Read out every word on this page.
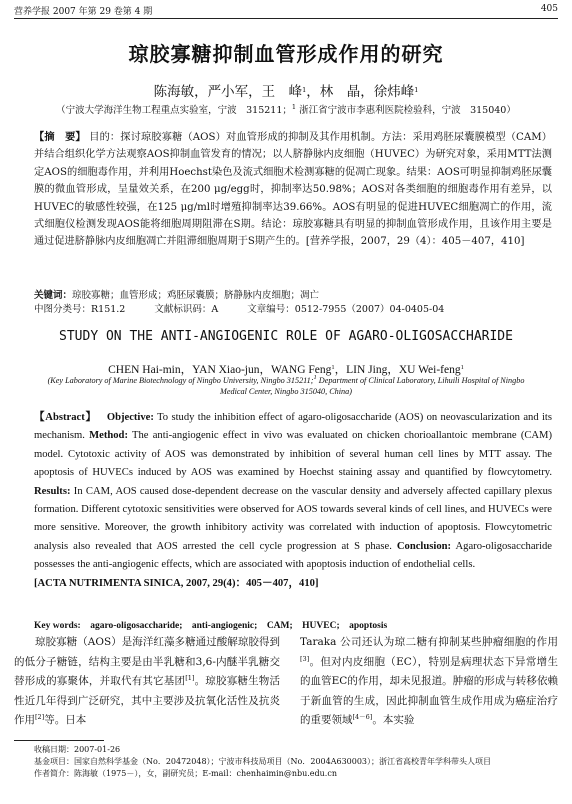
营养学报 2007 年第 29 卷第 4 期	405
琼胶寡糖抑制血管形成作用的研究
陈海敏，严小军，王　峰$^1$，林　晶，徐炜峰$^1$
（宁波大学海洋生物工程重点实验室，宁波　315211；$^1$ 浙江省宁波市李惠利医院检验科，宁波　315040）
【摘　要】 目的：探讨琼胶寡糖（AOS）对血管形成的抑制及其作用机制。方法：采用鸡胚尿囊膜模型（CAM）并结合组织化学方法观察AOS抑制血管发育的情况；以人脐静脉内皮细胞（HUVEC）为研究对象，采用MTT法测定AOS的细胞毒作用，并利用Hoechst染色及流式细胞术检测寡糖的促凋亡现象。结果：AOS可明显抑制鸡胚尿囊膜的微血管形成，呈量效关系，在200 μg/egg时，抑制率达50.98%；AOS对各类细胞的细胞毒作用有差异，以HUVEC的敏感性较强，在125 μg/ml时增殖抑制率达39.66%。AOS有明显的促进HUVEC细胞凋亡的作用，流式细胞仪检测发现AOS能将细胞周期阻滞在S期。结论：琼胶寡糖具有明显的抑制血管形成作用，且该作用主要是通过促进脐静脉内皮细胞凋亡并阻滞细胞周期于S期产生的。[营养学报，2007，29（4）：405－407，410]
关键词：琼胶寡糖；血管形成；鸡胚尿囊膜；脐静脉内皮细胞；凋亡
中图分类号：R151.2	文献标识码：A	文章编号：0512-7955（2007）04-0405-04
STUDY ON THE ANTI-ANGIOGENIC ROLE OF AGARO-OLIGOSACCHARIDE
CHEN Hai-min，YAN Xiao-jun，WANG Feng$^1$，LIN Jing，XU Wei-feng$^1$
(Key Laboratory of Marine Biotechnology of Ningbo University, Ningbo 315211;$^1$ Department of Clinical Laboratory, Lihuili Hospital of Ningbo
Medical Center, Ningbo 315040, China)
【Abstract】 Objective: To study the inhibition effect of agaro-oligosaccharide (AOS) on neovascularization and its mechanism. Method: The anti-angiogenic effect in vivo was evaluated on chicken chorioallantoic membrane (CAM) model. Cytotoxic activity of AOS was demonstrated by inhibition of several human cell lines by MTT assay. The apoptosis of HUVECs induced by AOS was examined by Hoechst staining assay and quantified by flowcytometry. Results: In CAM, AOS caused dose-dependent decrease on the vascular density and adversely affected capillary plexus formation. Different cytotoxic sensitivities were observed for AOS towards several kinds of cell lines, and HUVECs were more sensitive. Moreover, the growth inhibitory activity was correlated with induction of apoptosis. Flowcytometric analysis also revealed that AOS arrested the cell cycle progression at S phase. Conclusion: Agaro-oligosaccharide possesses the anti-angiogenic effects, which are associated with apoptosis induction of endothelial cells.
[ACTA NUTRIMENTA SINICA, 2007, 29(4)：405－407，410]
Key words:　agaro-oligosaccharide;　anti-angiogenic;　CAM;　HUVEC;　apoptosis
琼胶寡糖（AOS）是海洋红藻多糖通过酸解琼胶得到的低分子糖链，结构主要是由半乳糖和3,6-内醚半乳糖交替形成的寡聚体，并取代有其它基团[1]。琼胶寡糖生物活性近几年得到广泛研究，其中主要涉及抗氧化活性及抗炎作用[2]等。日本
Taraka 公司还认为琼二糖有抑制某些肿瘤细胞的作用[3]。但对内皮细胞（EC），特别是病理状态下异常增生的血管EC的作用，却未见报道。肿瘤的形成与转移依赖于新血管的生成，因此抑制血管生成作用成为癌症治疗的重要领域[4－6]。本实验
收稿日期：2007-01-26
基金项目：国家自然科学基金（No．20472048）；宁波市科技局项目（No．2004A630003）；浙江省高校青年学科带头人项目
作者简介：陈海敏（1975－），女，副研究员；E-mail：chenhaimin@nbu.edu.cn
